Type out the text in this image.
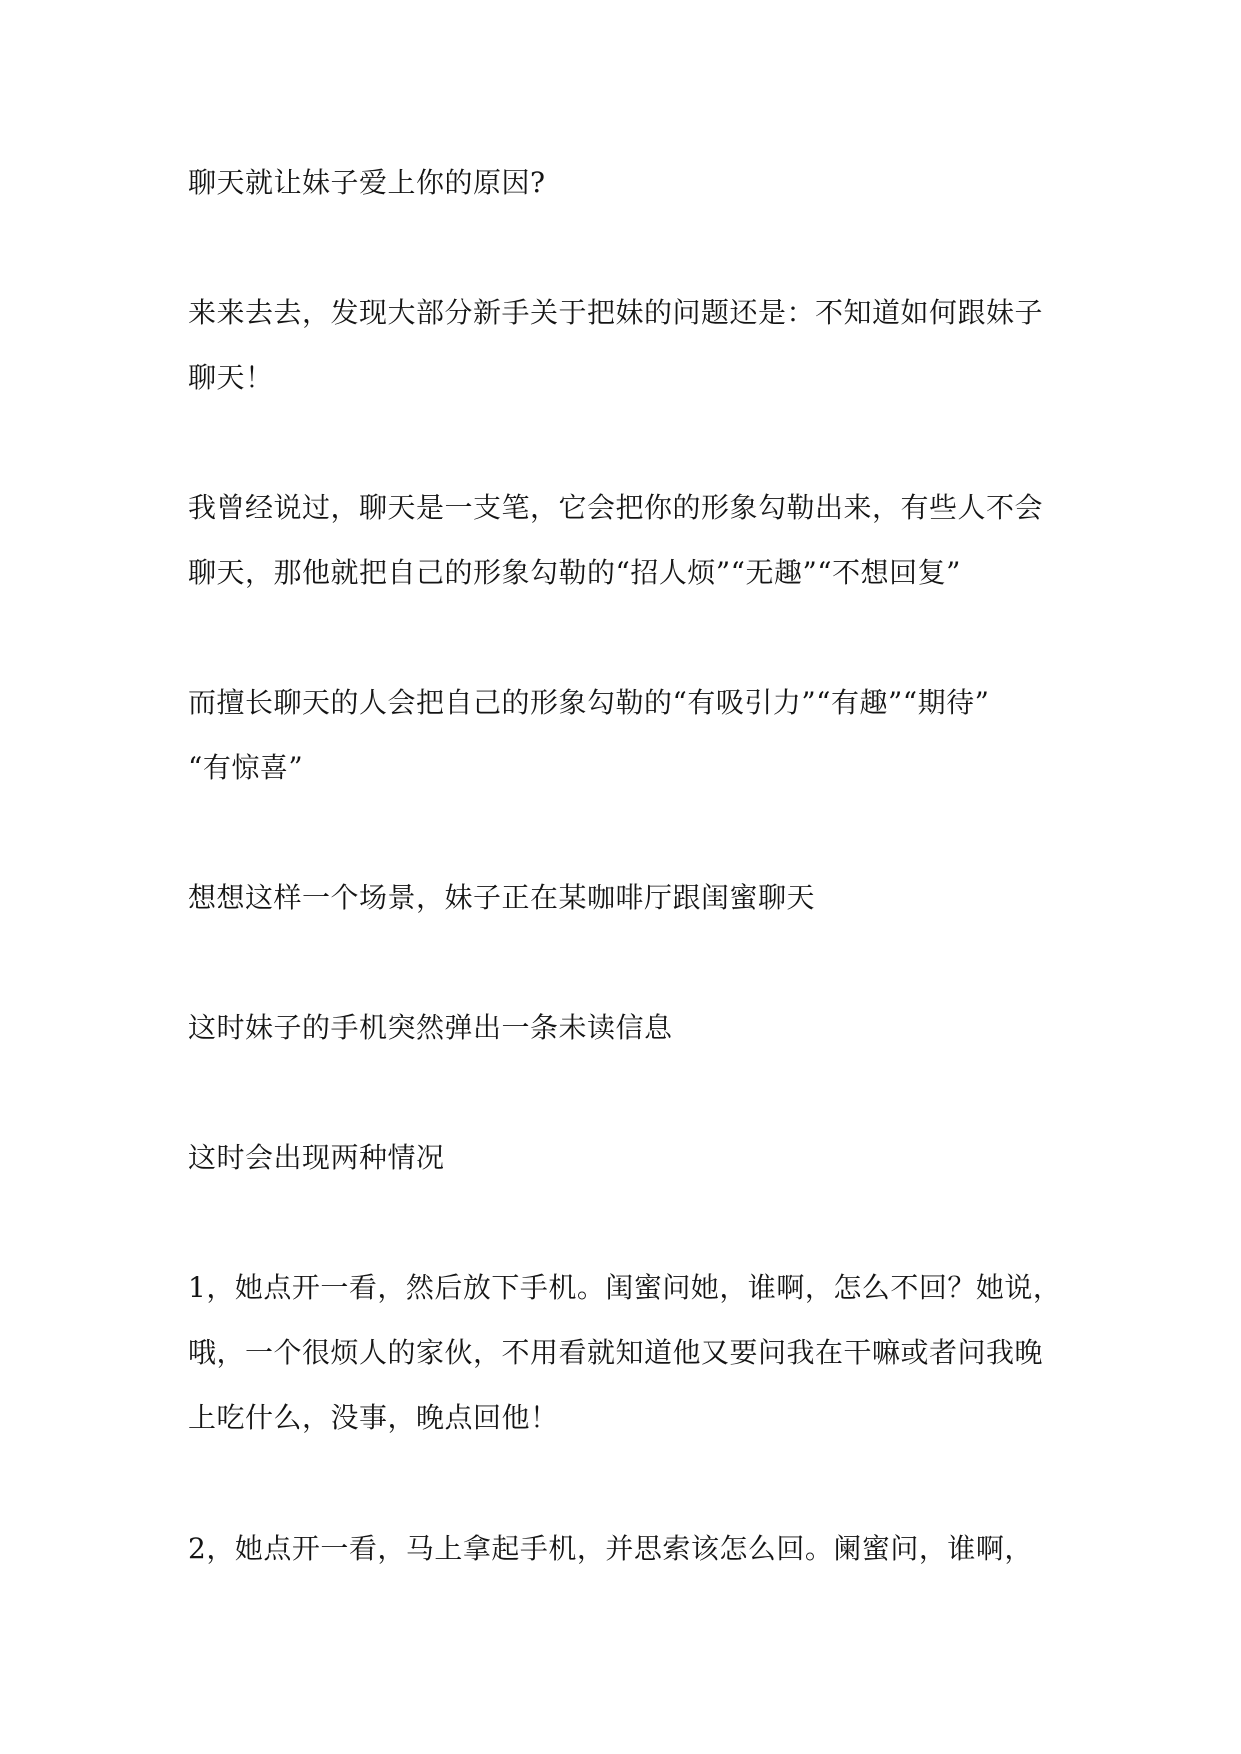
聊天就让妹子爱上你的原因?

来来去去，发现大部分新手关于把妹的问题还是：不知道如何跟妹子
聊天！

我曾经说过，聊天是一支笔，它会把你的形象勾勒出来，有些人不会
聊天，那他就把自己的形象勾勒的“招人烦”“无趣”“不想回复”

而擅长聊天的人会把自己的形象勾勒的“有吸引力”“有趣”“期待”
“有惊喜”

想想这样一个场景，妹子正在某咖啡厅跟闺蜜聊天

这时妹子的手机突然弹出一条未读信息

这时会出现两种情况

1，她点开一看，然后放下手机。闺蜜问她，谁啊，怎么不回？她说，
哦，一个很烦人的家伙，不用看就知道他又要问我在干嘛或者问我晚
上吃什么，没事，晚点回他！

2，她点开一看，马上拿起手机，并思索该怎么回。阑蜜问，谁啊，
